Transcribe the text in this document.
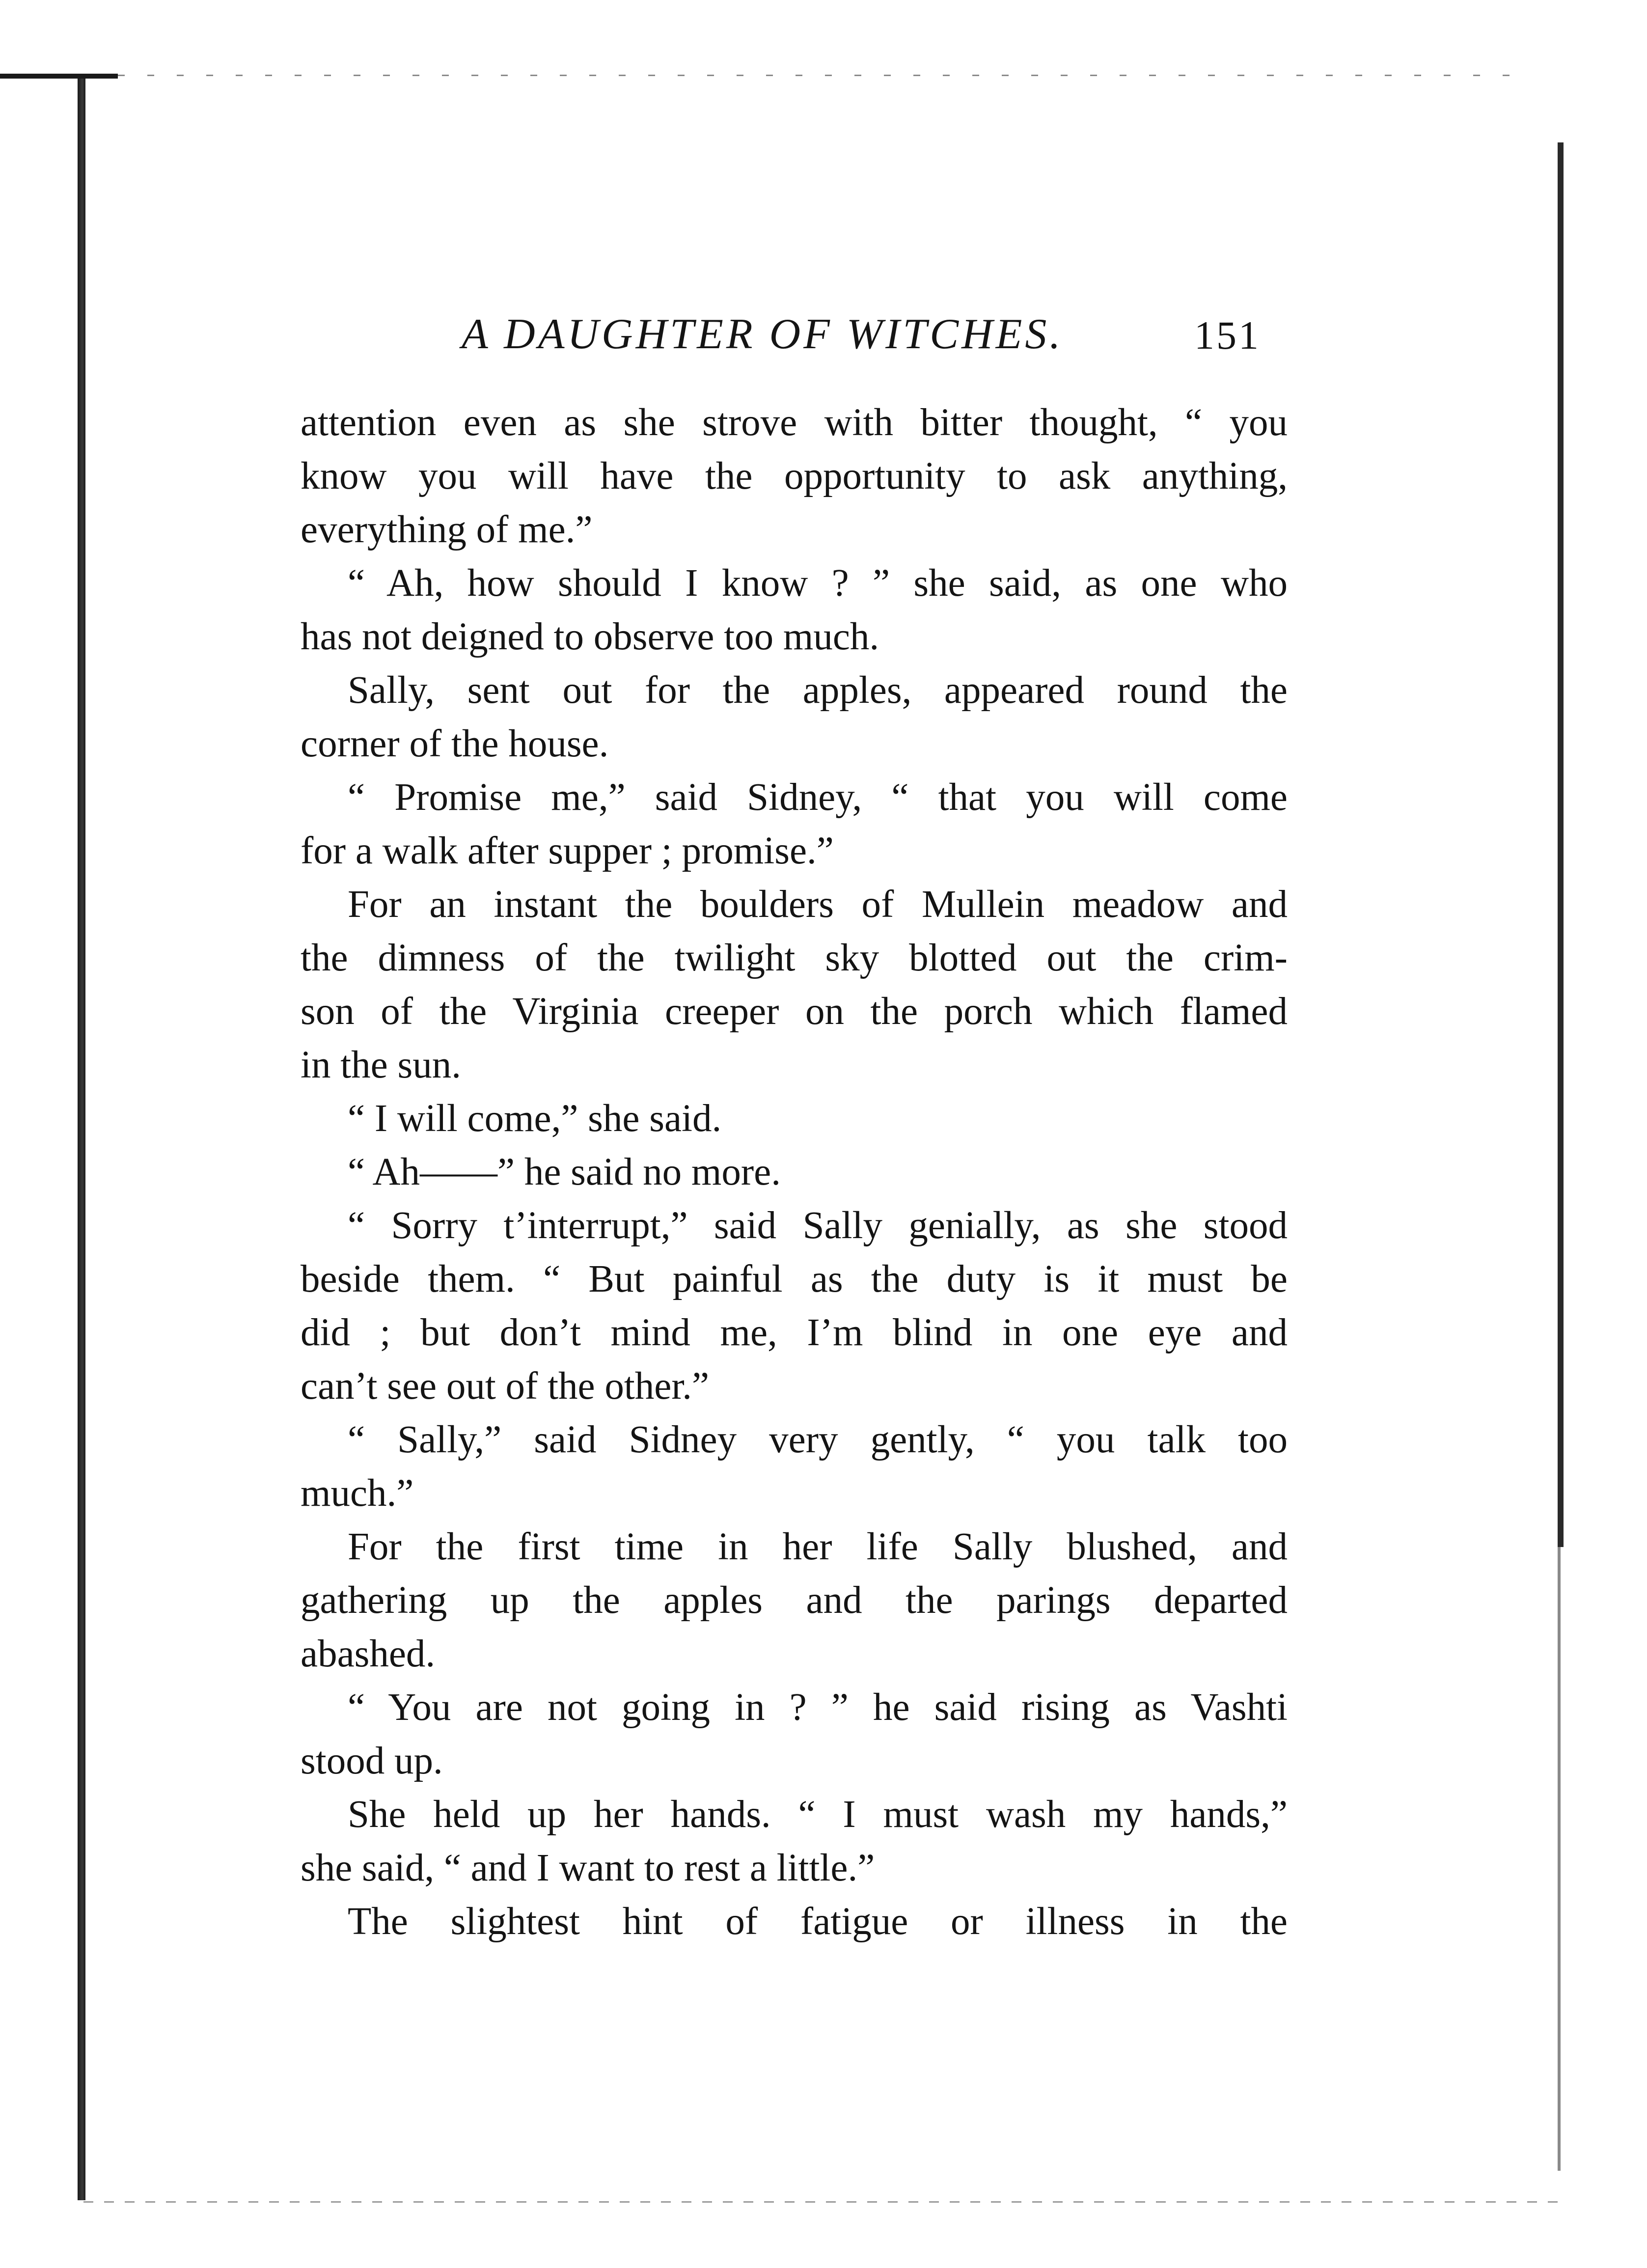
A DAUGHTER OF WITCHES.	151
attention even as she strove with bitter thought, “ you
know you will have the opportunity to ask anything,
everything of me.”
“ Ah, how should I know ? ” she said, as one who
has not deigned to observe too much.
Sally, sent out for the apples, appeared round the
corner of the house.
“ Promise me,” said Sidney, “ that you will come
for a walk after supper ; promise.”
For an instant the boulders of Mullein meadow and
the dimness of the twilight sky blotted out the crim-
son of the Virginia creeper on the porch which flamed
in the sun.
“ I will come,” she said.
“ Ah——” he said no more.
“ Sorry t’interrupt,” said Sally genially, as she stood
beside them. “ But painful as the duty is it must be
did ; but don’t mind me, I’m blind in one eye and
can’t see out of the other.”
“ Sally,” said Sidney very gently, “ you talk too
much.”
For the first time in her life Sally blushed, and
gathering up the apples and the parings departed
abashed.
“ You are not going in ? ” he said rising as Vashti
stood up.
She held up her hands. “ I must wash my hands,”
she said, “ and I want to rest a little.”
The slightest hint of fatigue or illness in the
